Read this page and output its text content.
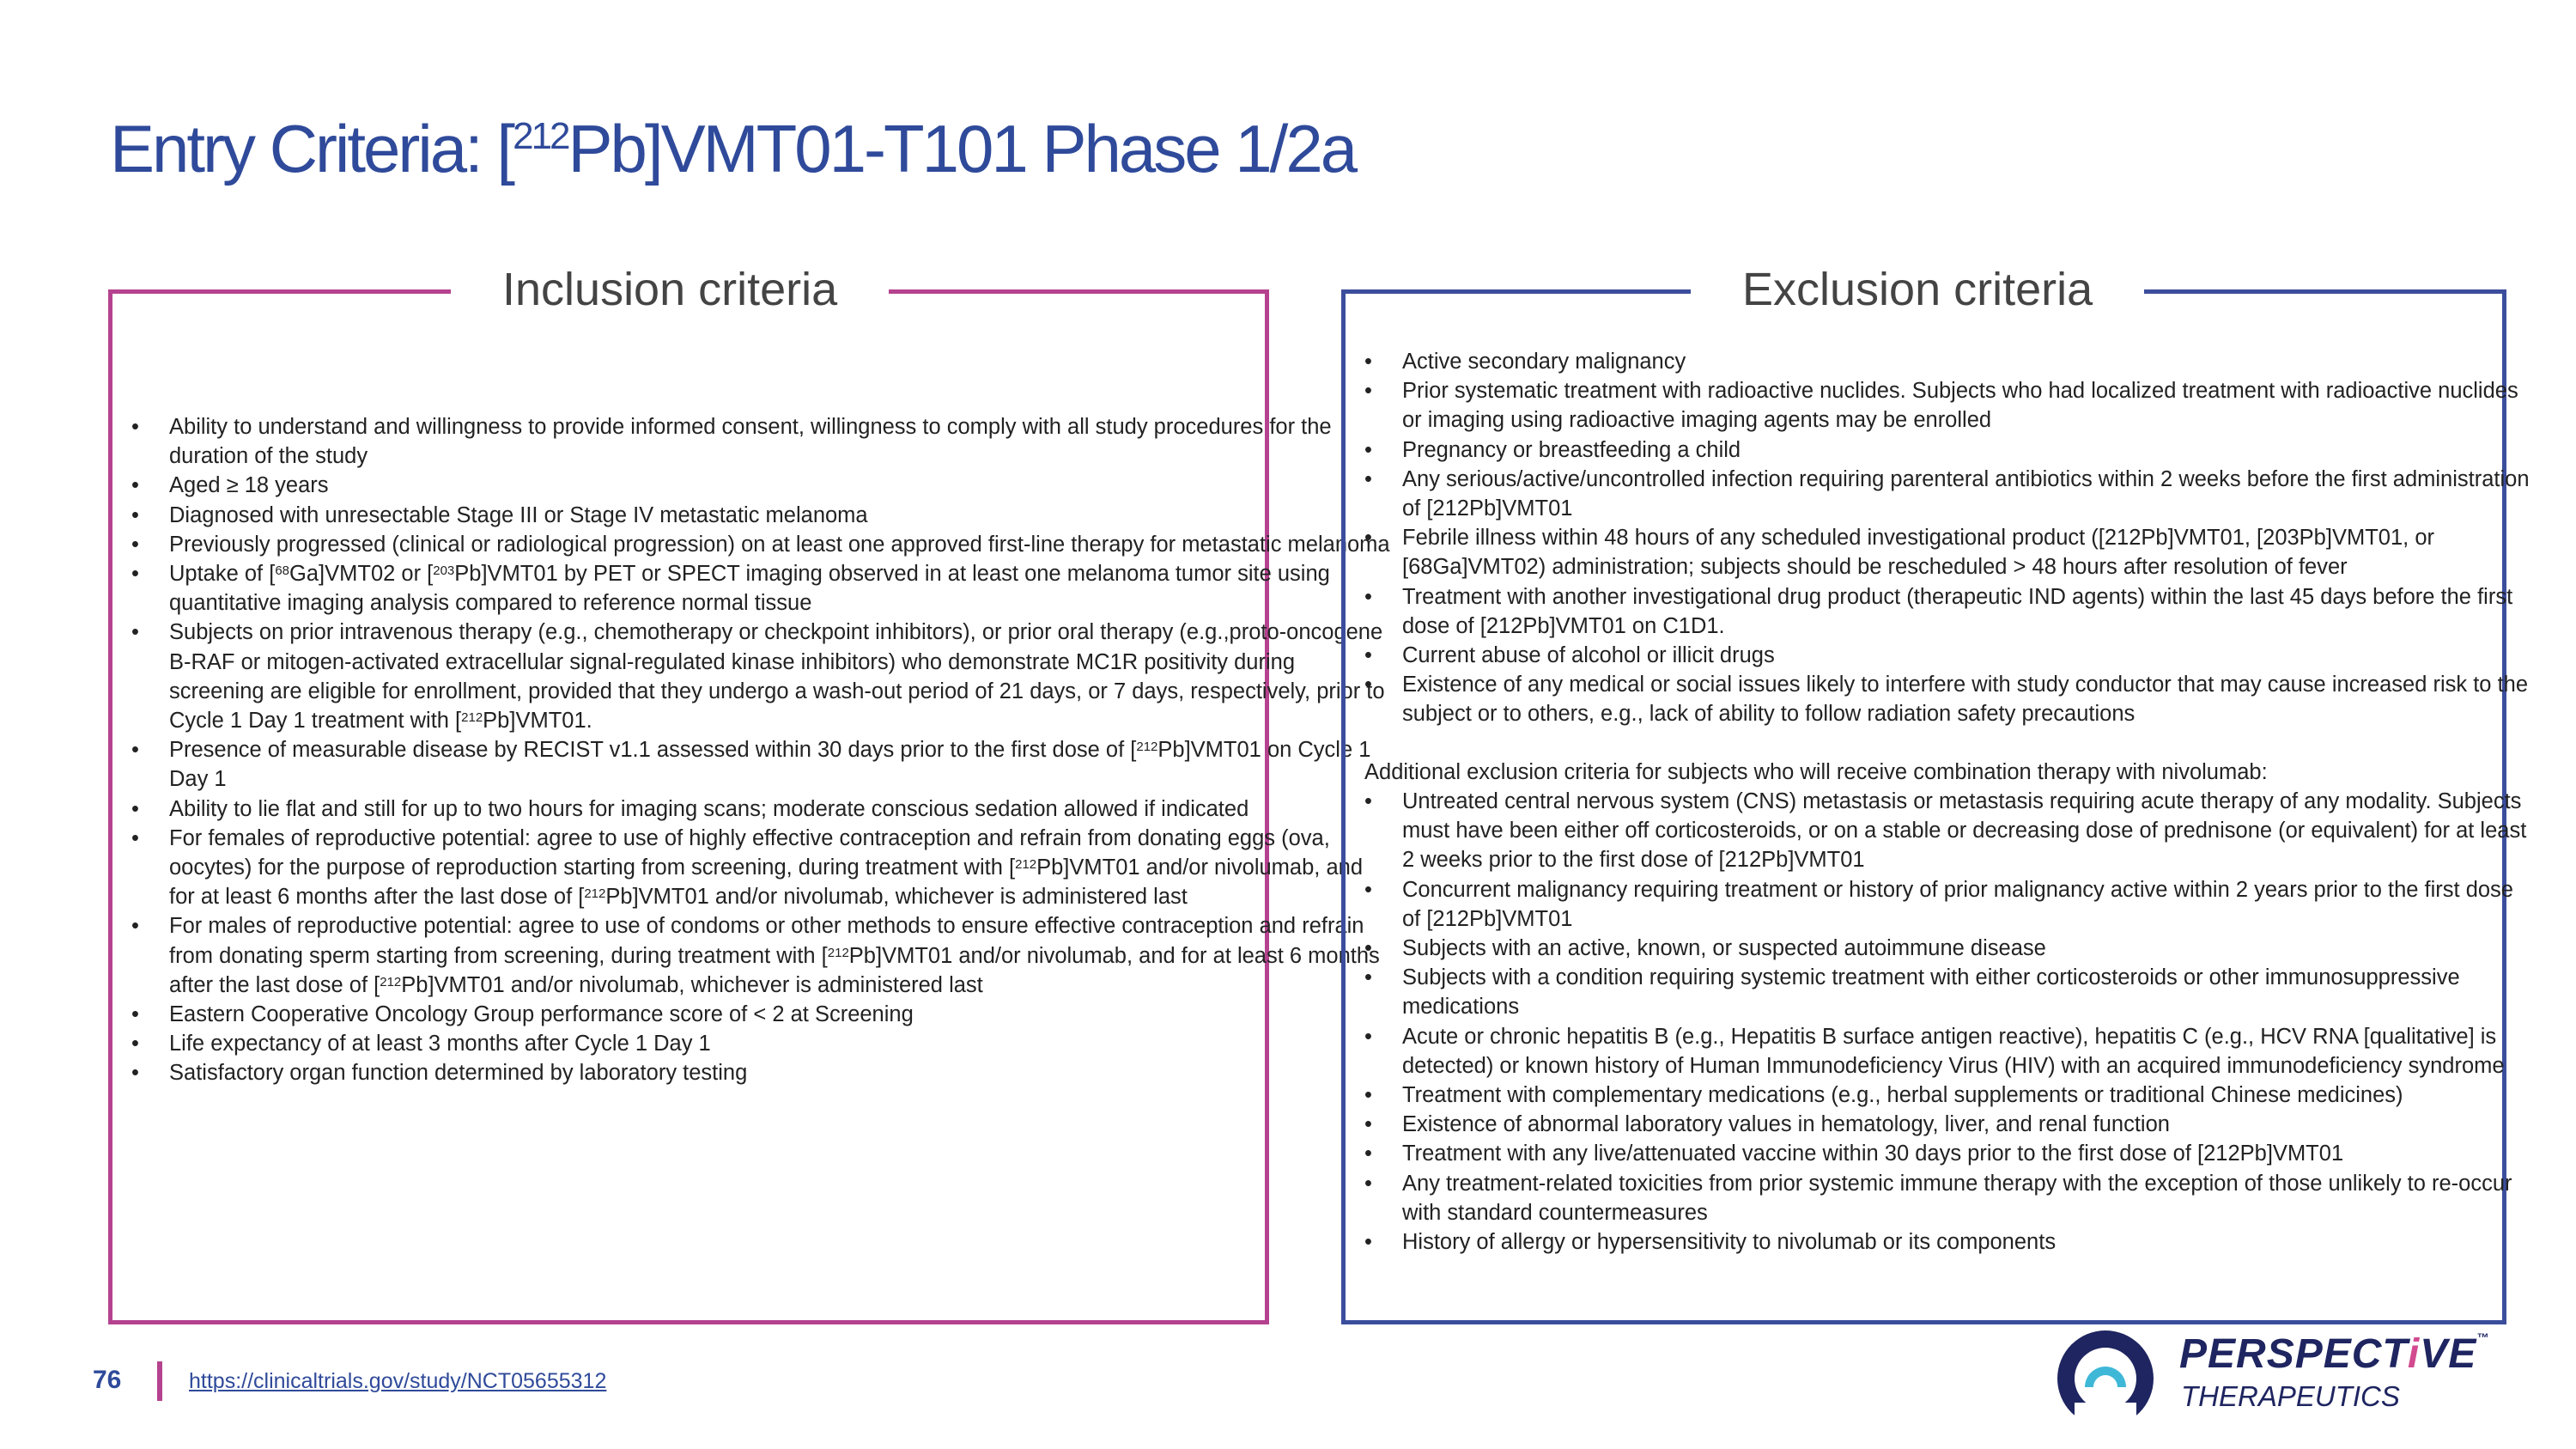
Entry Criteria: [$^{212}$Pb]VMT01-T101 Phase 1/2a
Inclusion criteria
• Ability to understand and willingness to provide informed consent, willingness to comply with all study procedures for the duration of the study
• Aged ≥ 18 years
• Diagnosed with unresectable Stage III or Stage IV metastatic melanoma
• Previously progressed (clinical or radiological progression) on at least one approved first-line therapy for metastatic melanoma
• Uptake of [$^{68}$Ga]VMT02 or [$^{203}$Pb]VMT01 by PET or SPECT imaging observed in at least one melanoma tumor site using quantitative imaging analysis compared to reference normal tissue
• Subjects on prior intravenous therapy (e.g., chemotherapy or checkpoint inhibitors), or prior oral therapy (e.g.,proto-oncogene B-RAF or mitogen-activated extracellular signal-regulated kinase inhibitors) who demonstrate MC1R positivity during screening are eligible for enrollment, provided that they undergo a wash-out period of 21 days, or 7 days, respectively, prior to Cycle 1 Day 1 treatment with [$^{212}$Pb]VMT01.
• Presence of measurable disease by RECIST v1.1 assessed within 30 days prior to the first dose of [$^{212}$Pb]VMT01 on Cycle 1 Day 1
• Ability to lie flat and still for up to two hours for imaging scans; moderate conscious sedation allowed if indicated
• For females of reproductive potential: agree to use of highly effective contraception and refrain from donating eggs (ova, oocytes) for the purpose of reproduction starting from screening, during treatment with [$^{212}$Pb]VMT01 and/or nivolumab, and for at least 6 months after the last dose of [$^{212}$Pb]VMT01 and/or nivolumab, whichever is administered last
• For males of reproductive potential: agree to use of condoms or other methods to ensure effective contraception and refrain from donating sperm starting from screening, during treatment with [$^{212}$Pb]VMT01 and/or nivolumab, and for at least 6 months after the last dose of [$^{212}$Pb]VMT01 and/or nivolumab, whichever is administered last
• Eastern Cooperative Oncology Group performance score of < 2 at Screening
• Life expectancy of at least 3 months after Cycle 1 Day 1
• Satisfactory organ function determined by laboratory testing
Exclusion criteria
• Active secondary malignancy
• Prior systematic treatment with radioactive nuclides. Subjects who had localized treatment with radioactive nuclides or imaging using radioactive imaging agents may be enrolled
• Pregnancy or breastfeeding a child
• Any serious/active/uncontrolled infection requiring parenteral antibiotics within 2 weeks before the first administration of [212Pb]VMT01
• Febrile illness within 48 hours of any scheduled investigational product ([212Pb]VMT01, [203Pb]VMT01, or [68Ga]VMT02) administration; subjects should be rescheduled > 48 hours after resolution of fever
• Treatment with another investigational drug product (therapeutic IND agents) within the last 45 days before the first dose of [212Pb]VMT01 on C1D1.
• Current abuse of alcohol or illicit drugs
• Existence of any medical or social issues likely to interfere with study conductor that may cause increased risk to the subject or to others, e.g., lack of ability to follow radiation safety precautions
Additional exclusion criteria for subjects who will receive combination therapy with nivolumab:
• Untreated central nervous system (CNS) metastasis or metastasis requiring acute therapy of any modality. Subjects must have been either off corticosteroids, or on a stable or decreasing dose of prednisone (or equivalent) for at least 2 weeks prior to the first dose of [212Pb]VMT01
• Concurrent malignancy requiring treatment or history of prior malignancy active within 2 years prior to the first dose of [212Pb]VMT01
• Subjects with an active, known, or suspected autoimmune disease
• Subjects with a condition requiring systemic treatment with either corticosteroids or other immunosuppressive medications
• Acute or chronic hepatitis B (e.g., Hepatitis B surface antigen reactive), hepatitis C (e.g., HCV RNA [qualitative] is detected) or known history of Human Immunodeficiency Virus (HIV) with an acquired immunodeficiency syndrome
• Treatment with complementary medications (e.g., herbal supplements or traditional Chinese medicines)
• Existence of abnormal laboratory values in hematology, liver, and renal function
• Treatment with any live/attenuated vaccine within 30 days prior to the first dose of [212Pb]VMT01
• Any treatment-related toxicities from prior systemic immune therapy with the exception of those unlikely to re-occur with standard countermeasures
• History of allergy or hypersensitivity to nivolumab or its components
76	https://clinicaltrials.gov/study/NCT05655312
PERSPECTiVE™
THERAPEUTICS
